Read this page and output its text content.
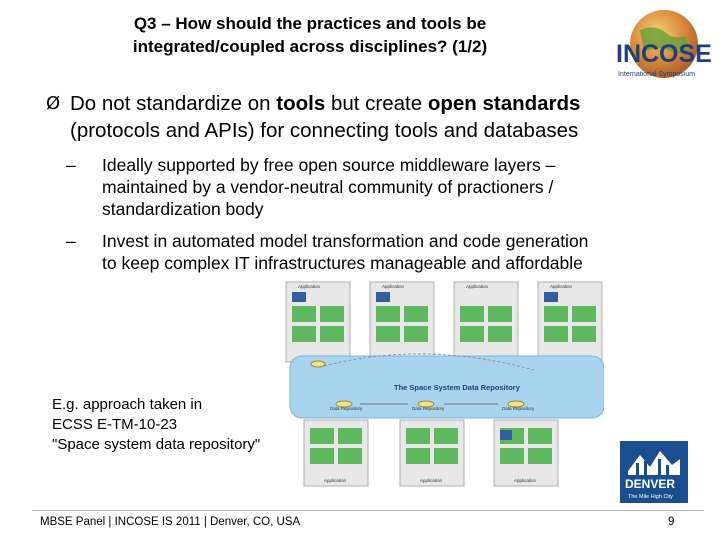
Q3 – How should the practices and tools be
integrated/coupled across disciplines? (1/2)	INCOSE
International Symposium
Ø Do not standardize on tools but create open standards
(protocols and APIs) for connecting tools and databases
– Ideally supported by free open source middleware layers –
maintained by a vendor-neutral community of practioners /
standardization body
– Invest in automated model transformation and code generation
to keep complex IT infrastructures manageable and affordable
The Space System Data Repository
Data Repository	Data Repository	Data Repository
Application	Application	Application
Application	Application	Application	Application
E.g. approach taken in
ECSS E-TM-10-23
"Space system data repository"
DENVER
The Mile High City
MBSE Panel | INCOSE IS 2011 | Denver, CO, USA	9
